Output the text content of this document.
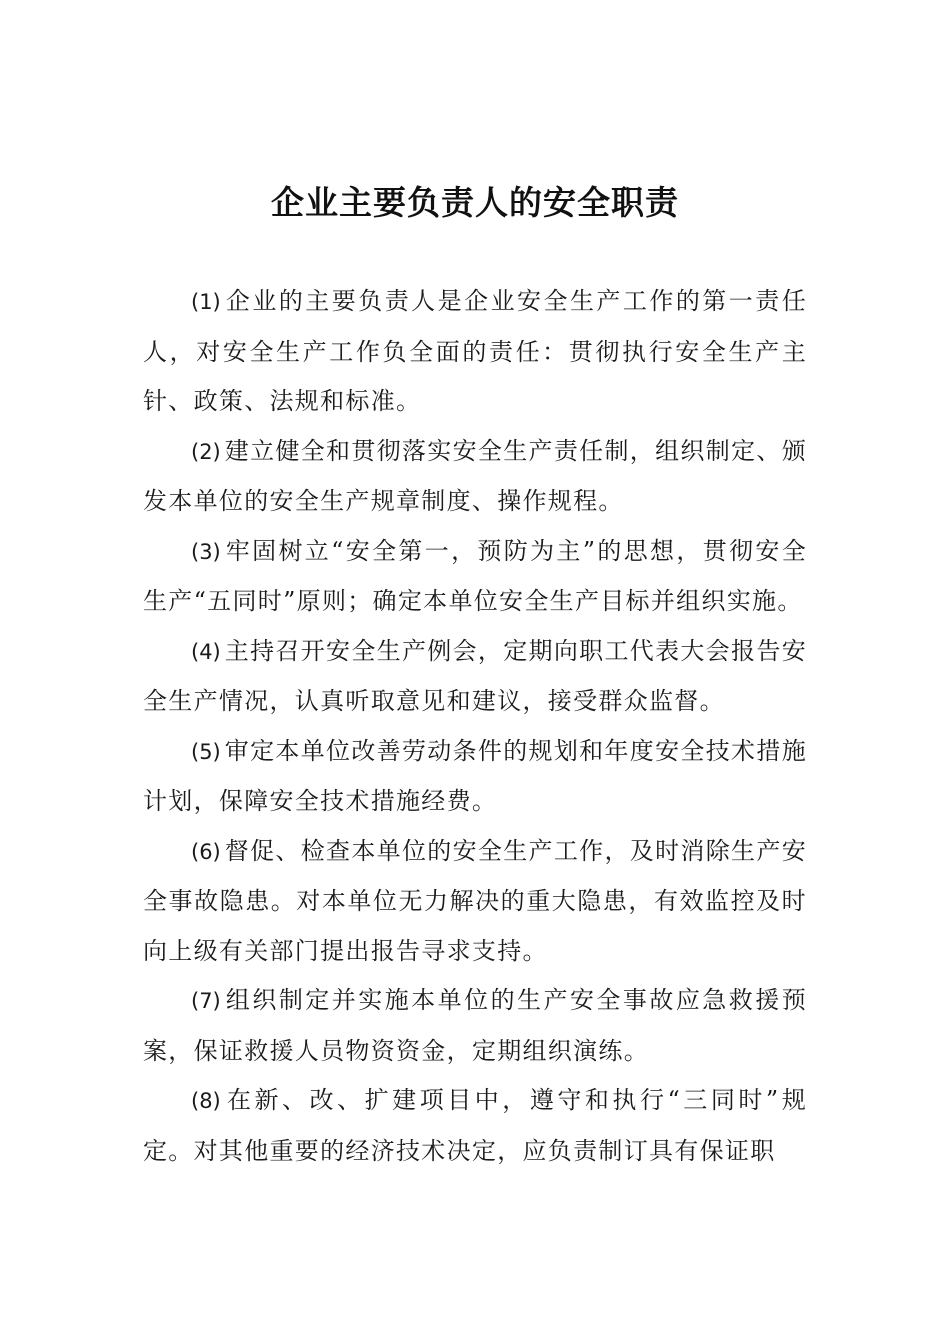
企业主要负责人的安全职责

(1) 企业的主要负责人是企业安全生产工作的第一责任人，对安全生产工作负全面的责任：贯彻执行安全生产主针、政策、法规和标准。

(2) 建立健全和贯彻落实安全生产责任制，组织制定、颁发本单位的安全生产规章制度、操作规程。

(3) 牢固树立“安全第一，预防为主”的思想，贯彻安全生产“五同时”原则；确定本单位安全生产目标并组织实施。

(4) 主持召开安全生产例会，定期向职工代表大会报告安全生产情况，认真听取意见和建议，接受群众监督。

(5) 审定本单位改善劳动条件的规划和年度安全技术措施计划，保障安全技术措施经费。

(6) 督促、检查本单位的安全生产工作，及时消除生产安全事故隐患。对本单位无力解决的重大隐患，有效监控及时向上级有关部门提出报告寻求支持。

(7) 组织制定并实施本单位的生产安全事故应急救援预案，保证救援人员物资资金，定期组织演练。

(8) 在新、改、扩建项目中，遵守和执行“三同时”规定。对其他重要的经济技术决定，应负责制订具有保证职
